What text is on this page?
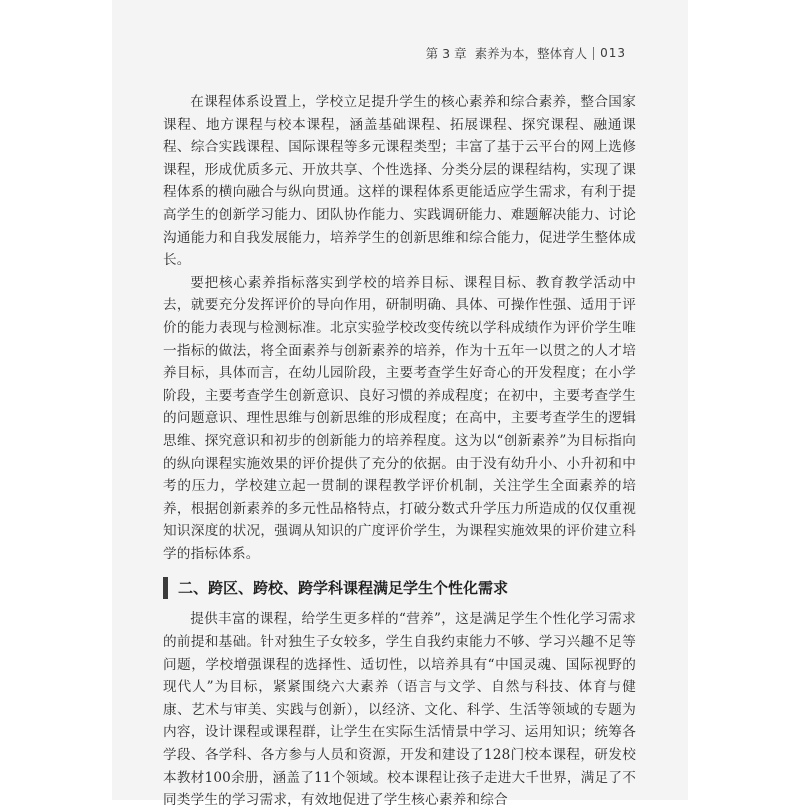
第 3 章 素养为本，整体育人 013

在课程体系设置上，学校立足提升学生的核心素养和综合素养，整合国家课程、地方课程与校本课程，涵盖基础课程、拓展课程、探究课程、融通课程、综合实践课程、国际课程等多元课程类型；丰富了基于云平台的网上选修课程，形成优质多元、开放共享、个性选择、分类分层的课程结构，实现了课程体系的横向融合与纵向贯通。这样的课程体系更能适应学生需求，有利于提高学生的创新学习能力、团队协作能力、实践调研能力、难题解决能力、讨论沟通能力和自我发展能力，培养学生的创新思维和综合能力，促进学生整体成长。

要把核心素养指标落实到学校的培养目标、课程目标、教育教学活动中去，就要充分发挥评价的导向作用，研制明确、具体、可操作性强、适用于评价的能力表现与检测标准。北京实验学校改变传统以学科成绩作为评价学生唯一指标的做法，将全面素养与创新素养的培养，作为十五年一以贯之的人才培养目标，具体而言，在幼儿园阶段，主要考查学生好奇心的开发程度；在小学阶段，主要考查学生创新意识、良好习惯的养成程度；在初中，主要考查学生的问题意识、理性思维与创新思维的形成程度；在高中，主要考查学生的逻辑思维、探究意识和初步的创新能力的培养程度。这为以“创新素养”为目标指向的纵向课程实施效果的评价提供了充分的依据。由于没有幼升小、小升初和中考的压力，学校建立起一贯制的课程教学评价机制，关注学生全面素养的培养，根据创新素养的多元性品格特点，打破分数式升学压力所造成的仅仅重视知识深度的状况，强调从知识的广度评价学生，为课程实施效果的评价建立科学的指标体系。

二、跨区、跨校、跨学科课程满足学生个性化需求

提供丰富的课程，给学生更多样的“营养”，这是满足学生个性化学习需求的前提和基础。针对独生子女较多，学生自我约束能力不够、学习兴趣不足等问题，学校增强课程的选择性、适切性，以培养具有“中国灵魂、国际视野的现代人”为目标，紧紧围绕六大素养（语言与文学、自然与科技、体育与健康、艺术与审美、实践与创新），以经济、文化、科学、生活等领域的专题为内容，设计课程或课程群，让学生在实际生活情景中学习、运用知识；统筹各学段、各学科、各方参与人员和资源，开发和建设了128门校本课程，研发校本教材100余册，涵盖了11个领域。校本课程让孩子走进大千世界，满足了不同类学生的学习需求，有效地促进了学生核心素养和综合
